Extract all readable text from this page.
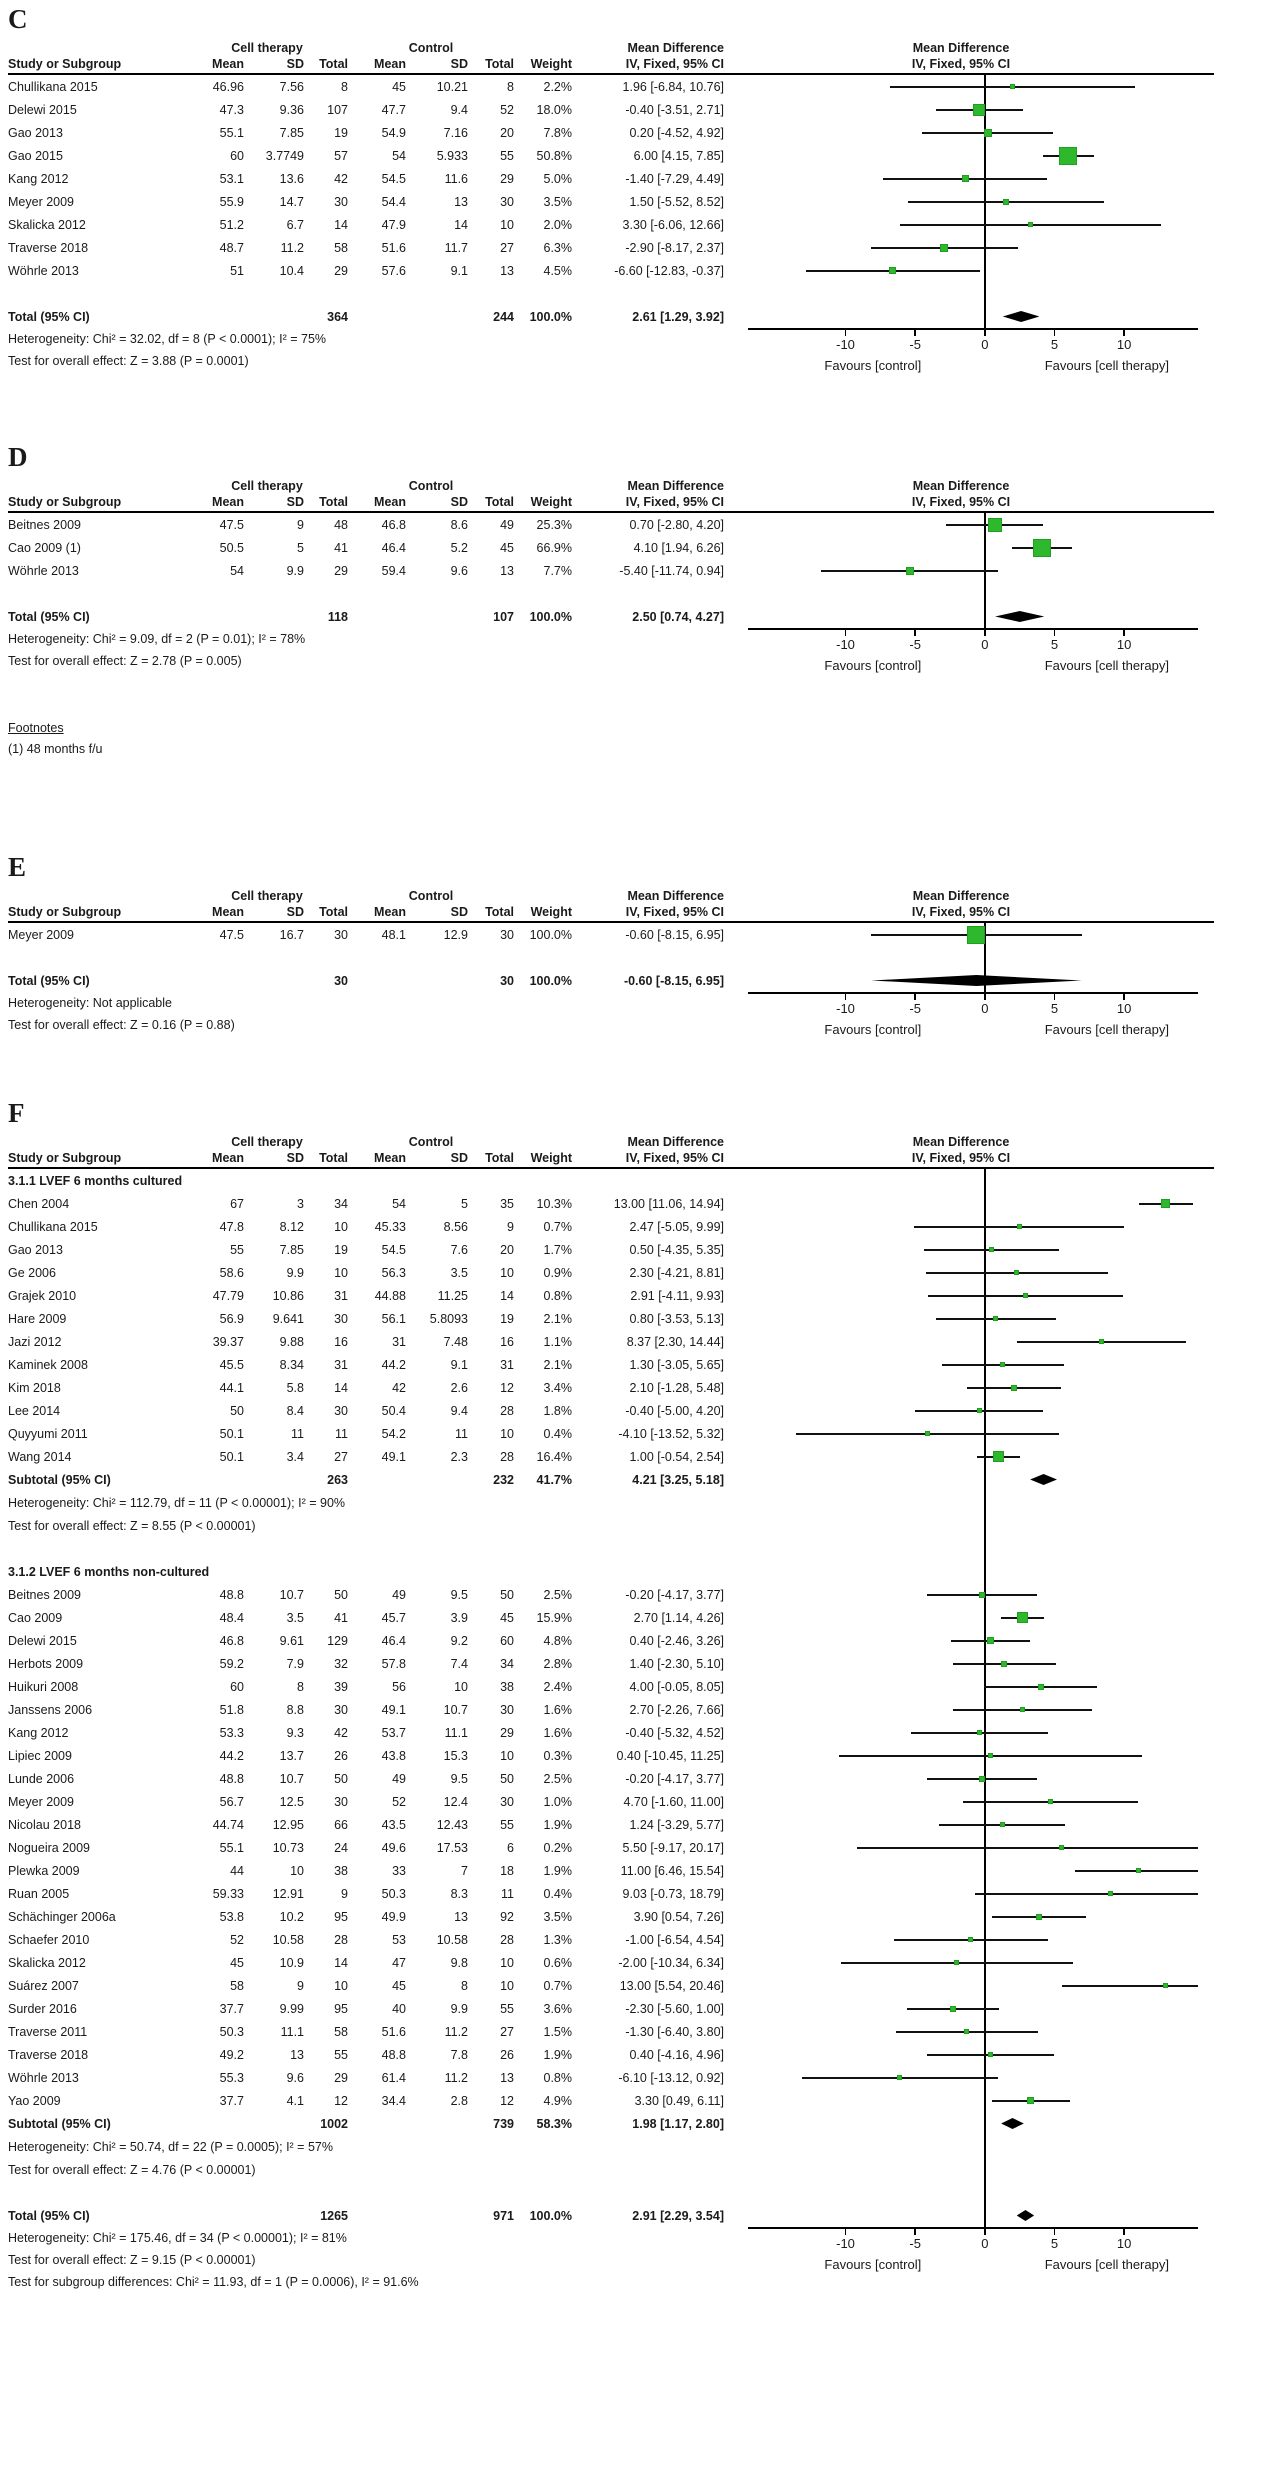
C
Cell therapy	Control	Mean Difference	Mean Difference
Study or Subgroup	Mean	SD	Total	Mean	SD	Total	Weight	IV, Fixed, 95% CI	IV, Fixed, 95% CI
Chullikana 2015	46.96	7.56	8	45	10.21	8	2.2%	1.96 [-6.84, 10.76]
Delewi 2015	47.3	9.36	107	47.7	9.4	52	18.0%	-0.40 [-3.51, 2.71]
Gao 2013	55.1	7.85	19	54.9	7.16	20	7.8%	0.20 [-4.52, 4.92]
Gao 2015	60	3.7749	57	54	5.933	55	50.8%	6.00 [4.15, 7.85]
Kang 2012	53.1	13.6	42	54.5	11.6	29	5.0%	-1.40 [-7.29, 4.49]
Meyer 2009	55.9	14.7	30	54.4	13	30	3.5%	1.50 [-5.52, 8.52]
Skalicka 2012	51.2	6.7	14	47.9	14	10	2.0%	3.30 [-6.06, 12.66]
Traverse 2018	48.7	11.2	58	51.6	11.7	27	6.3%	-2.90 [-8.17, 2.37]
Wöhrle 2013	51	10.4	29	57.6	9.1	13	4.5%	-6.60 [-12.83, -0.37]
Total (95% CI)	364	244	100.0%	2.61 [1.29, 3.92]
Heterogeneity: Chi² = 32.02, df = 8 (P < 0.0001); I² = 75%
Test for overall effect: Z = 3.88 (P = 0.0001)
-10	-5	0	5	10
Favours [control]	Favours [cell therapy]
D
Cell therapy	Control	Mean Difference	Mean Difference
Study or Subgroup	Mean	SD	Total	Mean	SD	Total	Weight	IV, Fixed, 95% CI	IV, Fixed, 95% CI
Beitnes 2009	47.5	9	48	46.8	8.6	49	25.3%	0.70 [-2.80, 4.20]
Cao 2009 (1)	50.5	5	41	46.4	5.2	45	66.9%	4.10 [1.94, 6.26]
Wöhrle 2013	54	9.9	29	59.4	9.6	13	7.7%	-5.40 [-11.74, 0.94]
Total (95% CI)	118	107	100.0%	2.50 [0.74, 4.27]
Heterogeneity: Chi² = 9.09, df = 2 (P = 0.01); I² = 78%
Test for overall effect: Z = 2.78 (P = 0.005)
-10	-5	0	5	10
Favours [control]	Favours [cell therapy]
Footnotes
(1) 48 months f/u
E
Cell therapy	Control	Mean Difference	Mean Difference
Study or Subgroup	Mean	SD	Total	Mean	SD	Total	Weight	IV, Fixed, 95% CI	IV, Fixed, 95% CI
Meyer 2009	47.5	16.7	30	48.1	12.9	30	100.0%	-0.60 [-8.15, 6.95]
Total (95% CI)	30	30	100.0%	-0.60 [-8.15, 6.95]
Heterogeneity: Not applicable
Test for overall effect: Z = 0.16 (P = 0.88)
-10	-5	0	5	10
Favours [control]	Favours [cell therapy]
F
Cell therapy	Control	Mean Difference	Mean Difference
Study or Subgroup	Mean	SD	Total	Mean	SD	Total	Weight	IV, Fixed, 95% CI	IV, Fixed, 95% CI
3.1.1 LVEF 6 months cultured
Chen 2004	67	3	34	54	5	35	10.3%	13.00 [11.06, 14.94]
Chullikana 2015	47.8	8.12	10	45.33	8.56	9	0.7%	2.47 [-5.05, 9.99]
Gao 2013	55	7.85	19	54.5	7.6	20	1.7%	0.50 [-4.35, 5.35]
Ge 2006	58.6	9.9	10	56.3	3.5	10	0.9%	2.30 [-4.21, 8.81]
Grajek 2010	47.79	10.86	31	44.88	11.25	14	0.8%	2.91 [-4.11, 9.93]
Hare 2009	56.9	9.641	30	56.1	5.8093	19	2.1%	0.80 [-3.53, 5.13]
Jazi 2012	39.37	9.88	16	31	7.48	16	1.1%	8.37 [2.30, 14.44]
Kaminek 2008	45.5	8.34	31	44.2	9.1	31	2.1%	1.30 [-3.05, 5.65]
Kim 2018	44.1	5.8	14	42	2.6	12	3.4%	2.10 [-1.28, 5.48]
Lee 2014	50	8.4	30	50.4	9.4	28	1.8%	-0.40 [-5.00, 4.20]
Quyyumi 2011	50.1	11	11	54.2	11	10	0.4%	-4.10 [-13.52, 5.32]
Wang 2014	50.1	3.4	27	49.1	2.3	28	16.4%	1.00 [-0.54, 2.54]
Subtotal (95% CI)	263	232	41.7%	4.21 [3.25, 5.18]
Heterogeneity: Chi² = 112.79, df = 11 (P < 0.00001); I² = 90%
Test for overall effect: Z = 8.55 (P < 0.00001)
3.1.2 LVEF 6 months non-cultured
Beitnes 2009	48.8	10.7	50	49	9.5	50	2.5%	-0.20 [-4.17, 3.77]
Cao 2009	48.4	3.5	41	45.7	3.9	45	15.9%	2.70 [1.14, 4.26]
Delewi 2015	46.8	9.61	129	46.4	9.2	60	4.8%	0.40 [-2.46, 3.26]
Herbots 2009	59.2	7.9	32	57.8	7.4	34	2.8%	1.40 [-2.30, 5.10]
Huikuri 2008	60	8	39	56	10	38	2.4%	4.00 [-0.05, 8.05]
Janssens 2006	51.8	8.8	30	49.1	10.7	30	1.6%	2.70 [-2.26, 7.66]
Kang 2012	53.3	9.3	42	53.7	11.1	29	1.6%	-0.40 [-5.32, 4.52]
Lipiec 2009	44.2	13.7	26	43.8	15.3	10	0.3%	0.40 [-10.45, 11.25]
Lunde 2006	48.8	10.7	50	49	9.5	50	2.5%	-0.20 [-4.17, 3.77]
Meyer 2009	56.7	12.5	30	52	12.4	30	1.0%	4.70 [-1.60, 11.00]
Nicolau 2018	44.74	12.95	66	43.5	12.43	55	1.9%	1.24 [-3.29, 5.77]
Nogueira 2009	55.1	10.73	24	49.6	17.53	6	0.2%	5.50 [-9.17, 20.17]
Plewka 2009	44	10	38	33	7	18	1.9%	11.00 [6.46, 15.54]
Ruan 2005	59.33	12.91	9	50.3	8.3	11	0.4%	9.03 [-0.73, 18.79]
Schächinger 2006a	53.8	10.2	95	49.9	13	92	3.5%	3.90 [0.54, 7.26]
Schaefer 2010	52	10.58	28	53	10.58	28	1.3%	-1.00 [-6.54, 4.54]
Skalicka 2012	45	10.9	14	47	9.8	10	0.6%	-2.00 [-10.34, 6.34]
Suárez 2007	58	9	10	45	8	10	0.7%	13.00 [5.54, 20.46]
Surder 2016	37.7	9.99	95	40	9.9	55	3.6%	-2.30 [-5.60, 1.00]
Traverse 2011	50.3	11.1	58	51.6	11.2	27	1.5%	-1.30 [-6.40, 3.80]
Traverse 2018	49.2	13	55	48.8	7.8	26	1.9%	0.40 [-4.16, 4.96]
Wöhrle 2013	55.3	9.6	29	61.4	11.2	13	0.8%	-6.10 [-13.12, 0.92]
Yao 2009	37.7	4.1	12	34.4	2.8	12	4.9%	3.30 [0.49, 6.11]
Subtotal (95% CI)	1002	739	58.3%	1.98 [1.17, 2.80]
Heterogeneity: Chi² = 50.74, df = 22 (P = 0.0005); I² = 57%
Test for overall effect: Z = 4.76 (P < 0.00001)
Total (95% CI)	1265	971	100.0%	2.91 [2.29, 3.54]
Heterogeneity: Chi² = 175.46, df = 34 (P < 0.00001); I² = 81%
Test for overall effect: Z = 9.15 (P < 0.00001)
Test for subgroup differences: Chi² = 11.93, df = 1 (P = 0.0006), I² = 91.6%
-10	-5	0	5	10
Favours [control]	Favours [cell therapy]
